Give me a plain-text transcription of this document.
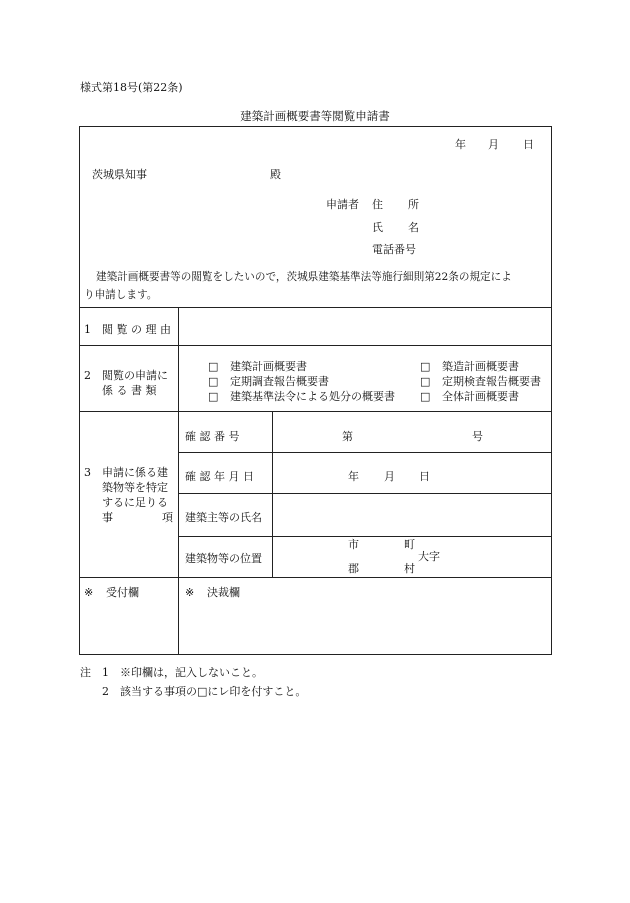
様式第18号(第22条)
建築計画概要書等閲覧申請書
年 月 日
茨城県知事	殿
申請者 住 所
氏 名
電話番号
建築計画概要書等の閲覧をしたいので，茨城県建築基準法等施行細則第22条の規定によ
り申請します。
1 閲 覧 の 理 由
2 閲覧の申請に
係 る 書 類
□ 建築計画概要書	□ 築造計画概要書
□ 定期調査報告概要書	□ 定期検査報告概要書
□ 建築基準法令による処分の概要書 □ 全体計画概要書
3 申請に係る建
築物等を特定
するに足りる
事	項
確 認 番 号	第	号
確 認 年 月 日	年 月 日
建築主等の氏名
建築物等の位置
市	町
大字
郡	村
※ 受付欄	※ 決裁欄
注 1 ※印欄は，記入しないこと。
2 該当する事項の□にレ印を付すこと。
